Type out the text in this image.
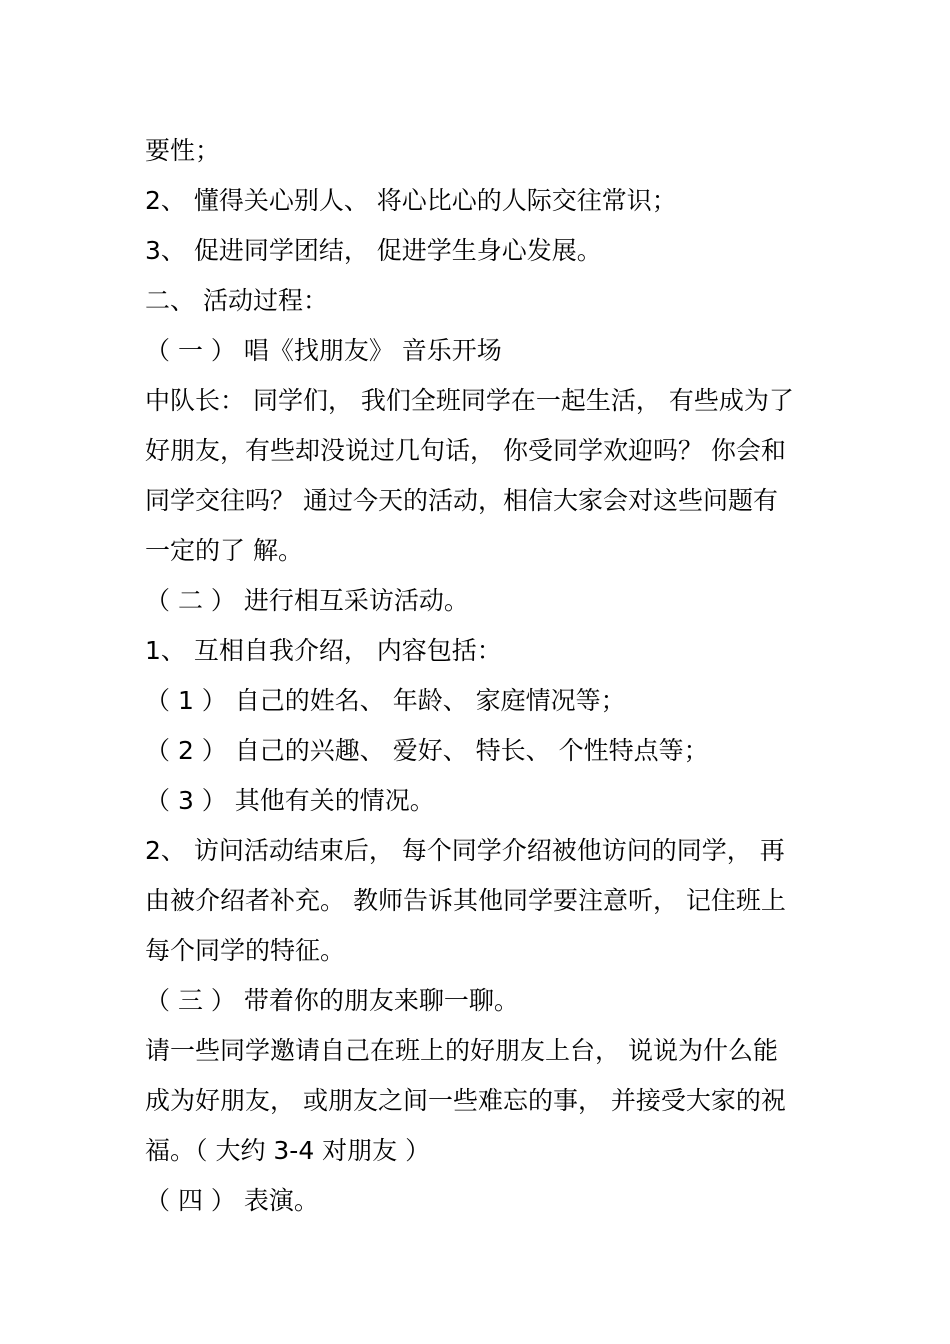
要性；

2、 懂得关心别人、 将心比心的人际交往常识；

3、 促进同学团结， 促进学生身心发展。

二、 活动过程：

（ 一 ） 唱《找朋友》 音乐开场

中队长： 同学们， 我们全班同学在一起生活， 有些成为了

好朋友，有些却没说过几句话， 你受同学欢迎吗？ 你会和

同学交往吗？ 通过今天的活动，相信大家会对这些问题有

一定的了 解。

（ 二 ） 进行相互采访活动。

1、 互相自我介绍， 内容包括：

（ 1 ） 自己的姓名、 年龄、 家庭情况等；

（ 2 ） 自己的兴趣、 爱好、 特长、 个性特点等；

（ 3 ） 其他有关的情况。

2、 访问活动结束后， 每个同学介绍被他访问的同学， 再

由被介绍者补充。 教师告诉其他同学要注意听， 记住班上

每个同学的特征。

（ 三 ） 带着你的朋友来聊一聊。

请一些同学邀请自己在班上的好朋友上台， 说说为什么能

成为好朋友， 或朋友之间一些难忘的事， 并接受大家的祝

福。（ 大约 3-4 对朋友 ）

（ 四 ） 表演。
